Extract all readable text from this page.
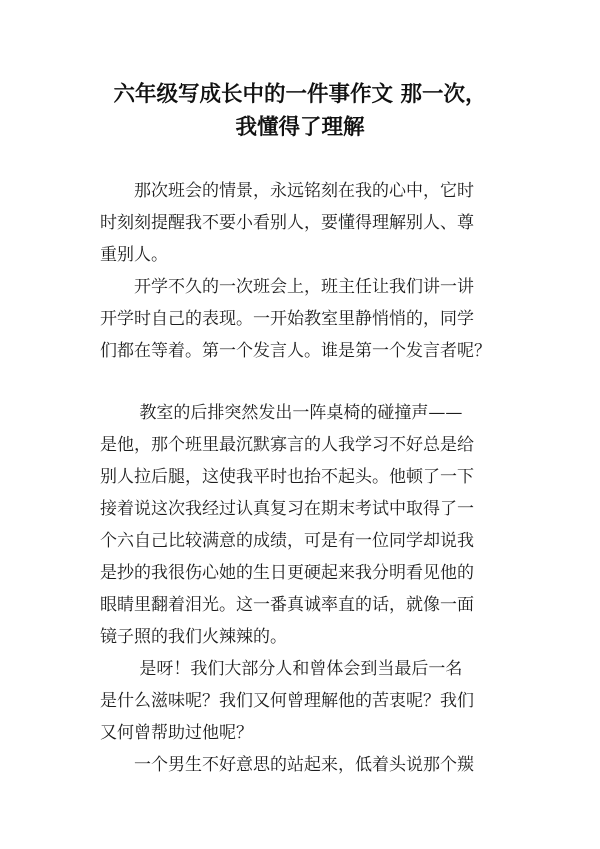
六年级写成长中的一件事作文 那一次，
我懂得了理解

　　那次班会的情景，永远铭刻在我的心中，它时

时刻刻提醒我不要小看别人，要懂得理解别人、尊

重别人。

　　开学不久的一次班会上，班主任让我们讲一讲

开学时自己的表现。一开始教室里静悄悄的，同学

们都在等着。第一个发言人。谁是第一个发言者呢？

　　 教室的后排突然发出一阵桌椅的碰撞声——

是他，那个班里最沉默寡言的人我学习不好总是给

别人拉后腿，这使我平时也抬不起头。他顿了一下

接着说这次我经过认真复习在期末考试中取得了一

个六自己比较满意的成绩，可是有一位同学却说我

是抄的我很伤心她的生日更硬起来我分明看见他的

眼睛里翻着泪光。这一番真诚率直的话，就像一面

镜子照的我们火辣辣的。

　　 是呀！我们大部分人和曾体会到当最后一名

是什么滋味呢？我们又何曾理解他的苦衷呢？我们

又何曾帮助过他呢？

　　一个男生不好意思的站起来，低着头说那个羰
